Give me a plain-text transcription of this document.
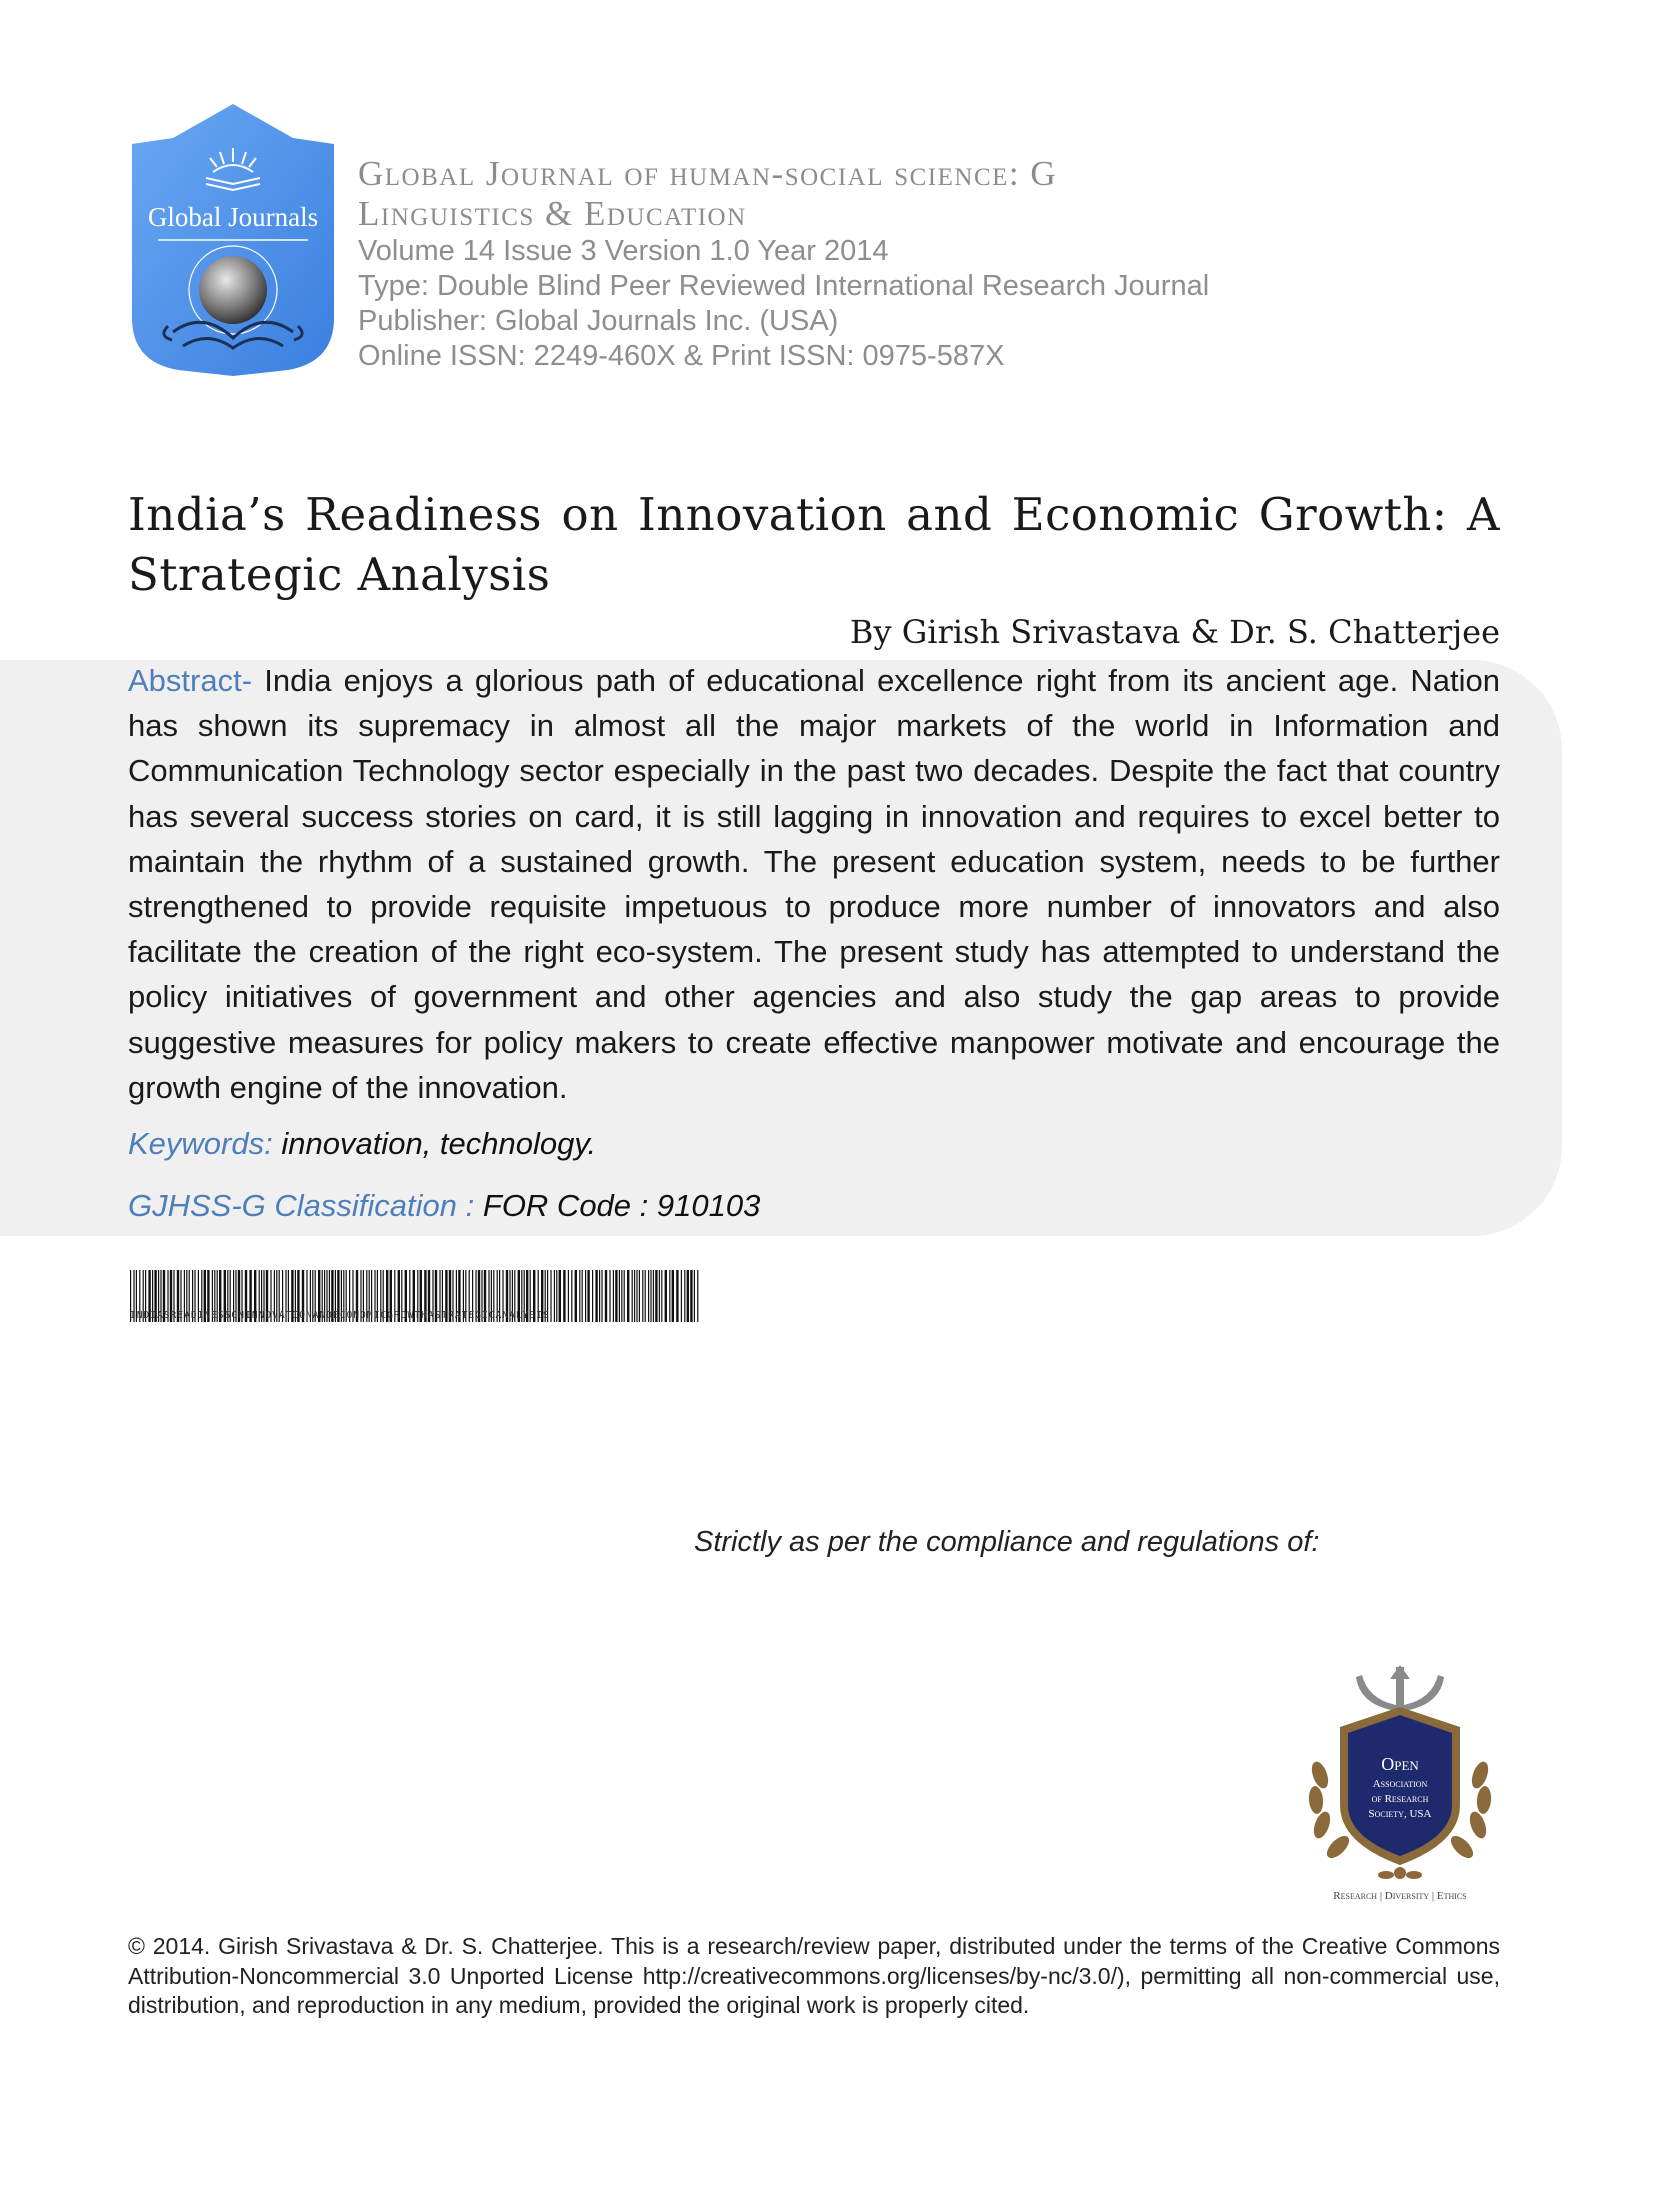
Global Journals
Global Journal of human-social science: G
Linguistics & Education
Volume 14 Issue 3 Version 1.0 Year 2014
Type: Double Blind Peer Reviewed International Research Journal
Publisher: Global Journals Inc. (USA)
Online ISSN: 2249-460X & Print ISSN: 0975-587X
India’s Readiness on Innovation and Economic Growth: A Strategic Analysis
By Girish Srivastava & Dr. S. Chatterjee
Abstract- India enjoys a glorious path of educational excellence right from its ancient age. Nation has shown its supremacy in almost all the major markets of the world in Information and Communication Technology sector especially in the past two decades. Despite the fact that country has several success stories on card, it is still lagging in innovation and requires to excel better to maintain the rhythm of a sustained growth. The present education system, needs to be further strengthened to provide requisite impetuous to produce more number of innovators and also facilitate the creation of the right eco-system. The present study has attempted to understand the policy initiatives of government and other agencies and also study the gap areas to provide suggestive measures for policy makers to create effective manpower motivate and encourage the growth engine of the innovation.
Keywords: innovation, technology.
GJHSS-G Classification : FOR Code : 910103
INDIASREADINESSONINNOVATIONANDECONOMICGROWTHASTRATEGICANALYSIS
Strictly as per the compliance and regulations of:
Open
Association
of Research
Society, USA
Research | Diversity | Ethics
© 2014. Girish Srivastava & Dr. S. Chatterjee. This is a research/review paper, distributed under the terms of the Creative Commons Attribution-Noncommercial 3.0 Unported License http://creativecommons.org/licenses/by-nc/3.0/), permitting all non-commercial use, distribution, and reproduction in any medium, provided the original work is properly cited.
